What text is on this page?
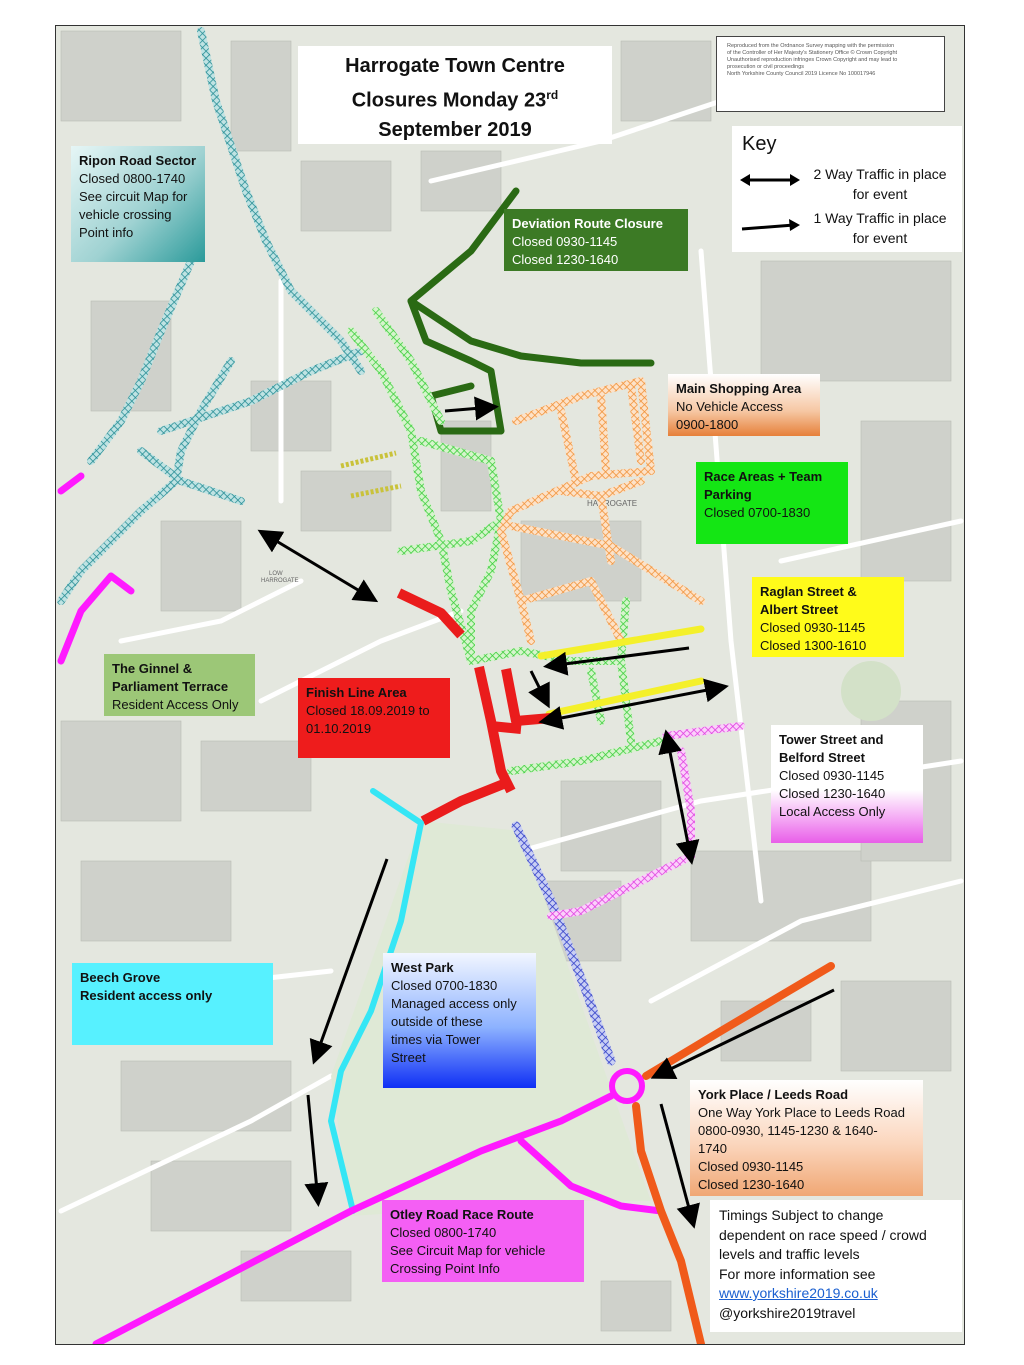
HARROGATE
LOW
HARROGATE
Harrogate Town Centre
Closures Monday 23rd
September 2019
Reproduced from the Ordnance Survey mapping with the permission
of the Controller of Her Majesty's Stationery Office © Crown Copyright
Unauthorised reproduction infringes Crown Copyright and may lead to
prosecution or civil proceedings
North Yorkshire County Council 2019 Licence No 100017946
Key
2 Way Traffic in place for event
1 Way Traffic in place for event
Ripon Road Sector
Closed 0800-1740
See circuit Map for
vehicle crossing
Point info
Deviation Route Closure
Closed 0930-1145
Closed 1230-1640
Main Shopping Area
No Vehicle Access
0900-1800
Race Areas + Team
Parking
Closed 0700-1830
Raglan Street &
Albert Street
Closed 0930-1145
Closed 1300-1610
The Ginnel &
Parliament Terrace
Resident Access Only
Finish Line Area
Closed 18.09.2019 to
01.10.2019
Tower Street and
Belford Street
Closed 0930-1145
Closed 1230-1640
Local Access Only
Beech Grove
Resident access only
West Park
Closed 0700-1830
Managed access only
outside of these
times via Tower
Street
York Place / Leeds Road
One Way York Place to Leeds Road
0800-0930, 1145-1230 & 1640-
1740
Closed 0930-1145
Closed 1230-1640
Otley Road Race Route
Closed 0800-1740
See Circuit Map for vehicle
Crossing Point Info
Timings Subject to change
dependent on race speed / crowd
levels and traffic levels
For more information see
www.yorkshire2019.co.uk
@yorkshire2019travel
